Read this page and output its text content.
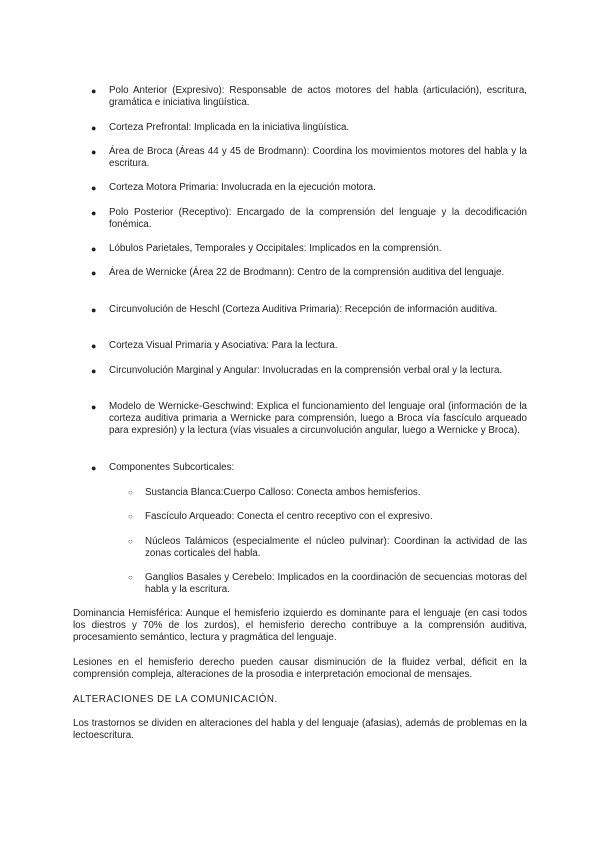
● Polo Anterior (Expresivo): Responsable de actos motores del habla (articulación), escritura, gramática e iniciativa lingüística.
● Corteza Prefrontal: Implicada en la iniciativa lingüística.
● Área de Broca (Áreas 44 y 45 de Brodmann): Coordina los movimientos motores del habla y la escritura.
● Corteza Motora Primaria: Involucrada en la ejecución motora.
● Polo Posterior (Receptivo): Encargado de la comprensión del lenguaje y la decodificación fonémica.
● Lóbulos Parietales, Temporales y Occipitales: Implicados en la comprensión.
● Área de Wernicke (Área 22 de Brodmann): Centro de la comprensión auditiva del lenguaje.
● Circunvolución de Heschl (Corteza Auditiva Primaria): Recepción de información auditiva.
● Corteza Visual Primaria y Asociativa: Para la lectura.
● Circunvolución Marginal y Angular: Involucradas en la comprensión verbal oral y la lectura.
● Modelo de Wernicke-Geschwind: Explica el funcionamiento del lenguaje oral (información de la corteza auditiva primaria a Wernicke para comprensión, luego a Broca vía fascículo arqueado para expresión) y la lectura (vías visuales a circunvolución angular, luego a Wernicke y Broca).
● Componentes Subcorticales:
○ Sustancia Blanca:Cuerpo Calloso: Conecta ambos hemisferios.
○ Fascículo Arqueado: Conecta el centro receptivo con el expresivo.
○ Núcleos Talámicos (especialmente el núcleo pulvinar): Coordinan la actividad de las zonas corticales del habla.
○ Ganglios Basales y Cerebelo: Implicados en la coordinación de secuencias motoras del habla y la escritura.
Dominancia Hemisférica: Aunque el hemisferio izquierdo es dominante para el lenguaje (en casi todos los diestros y 70% de los zurdos), el hemisferio derecho contribuye a la comprensión auditiva, procesamiento semántico, lectura y pragmática del lenguaje.
Lesiones en el hemisferio derecho pueden causar disminución de la fluidez verbal, déficit en la comprensión compleja, alteraciones de la prosodia e interpretación emocional de mensajes.
ALTERACIONES DE LA COMUNICACIÓN.
Los trastornos se dividen en alteraciones del habla y del lenguaje (afasias), además de problemas en la lectoescritura.
